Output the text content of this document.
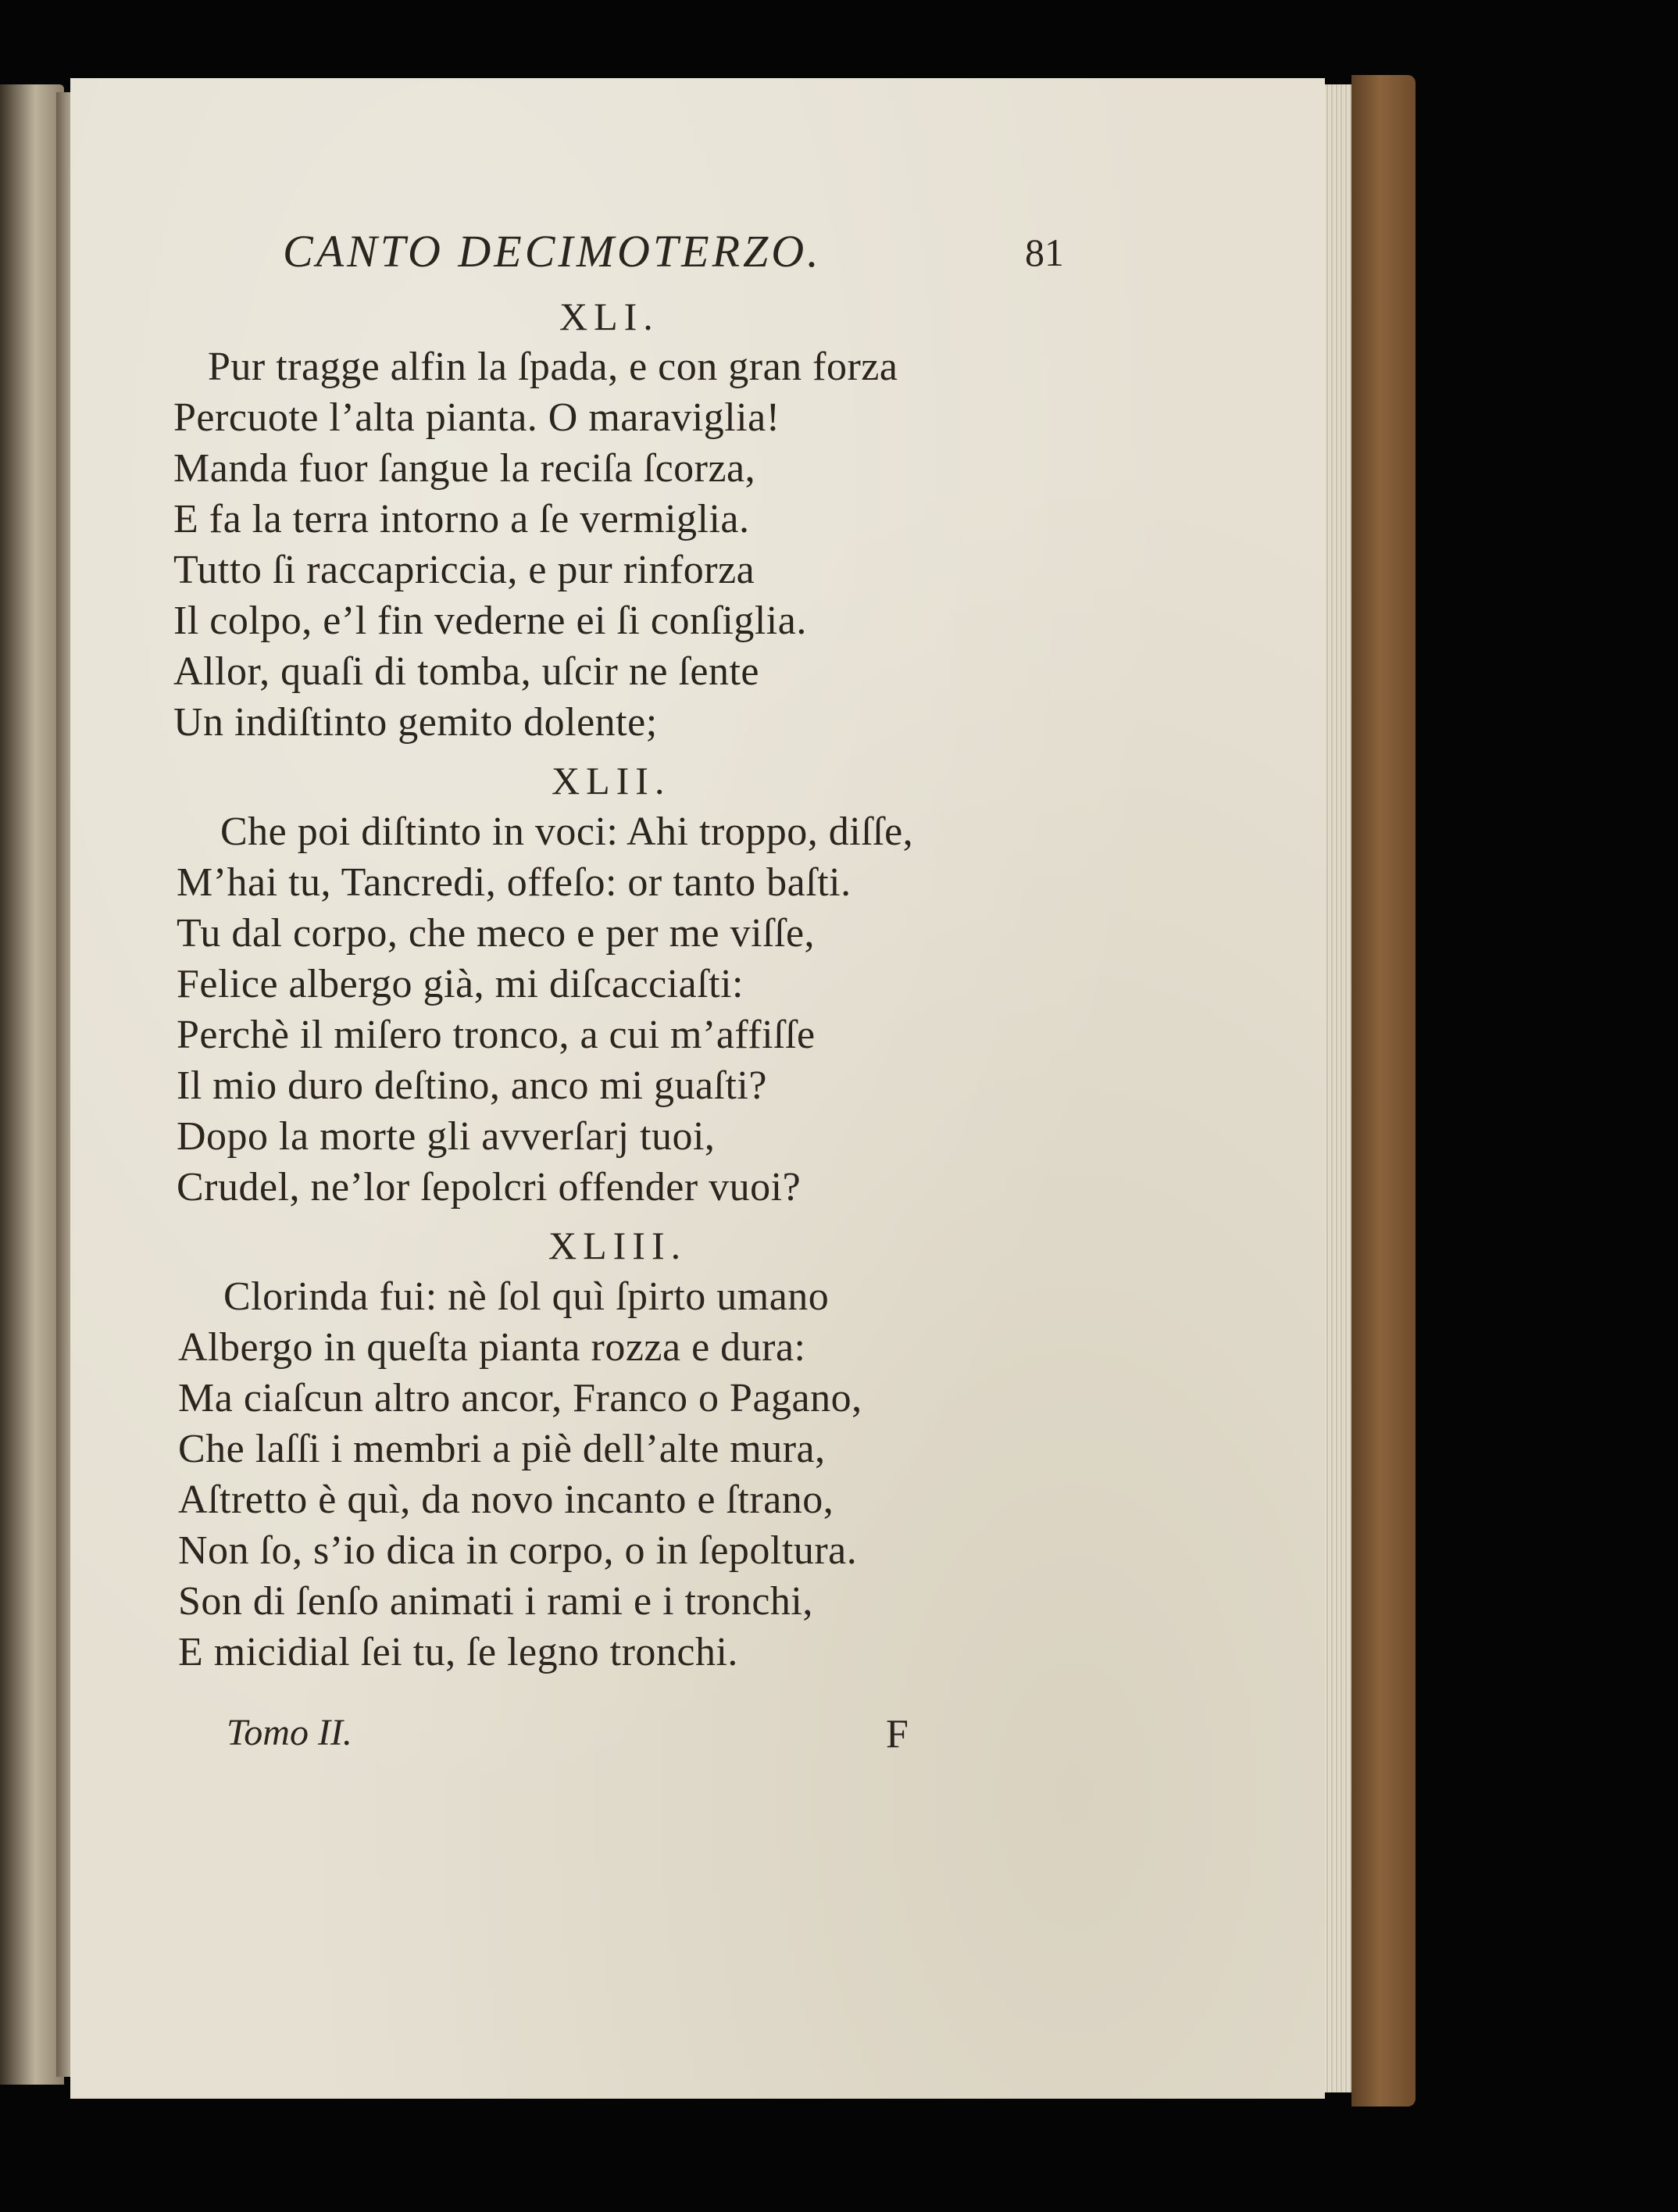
CANTO DECIMOTERZO.	81
XLI.
Pur tragge alfin la ſpada, e con gran forza
Percuote l’alta pianta. O maraviglia!
Manda fuor ſangue la reciſa ſcorza,
E fa la terra intorno a ſe vermiglia.
Tutto ſi raccapriccia, e pur rinforza
Il colpo, e’l fin vederne ei ſi conſiglia.
Allor, quaſi di tomba, uſcir ne ſente
Un indiſtinto gemito dolente;
XLII.
Che poi diſtinto in voci: Ahi troppo, diſſe,
M’hai tu, Tancredi, offeſo: or tanto baſti.
Tu dal corpo, che meco e per me viſſe,
Felice albergo già, mi diſcacciaſti:
Perchè il miſero tronco, a cui m’affiſſe
Il mio duro deſtino, anco mi guaſti?
Dopo la morte gli avverſarj tuoi,
Crudel, ne’lor ſepolcri offender vuoi?
XLIII.
Clorinda fui: nè ſol quì ſpirto umano
Albergo in queſta pianta rozza e dura:
Ma ciaſcun altro ancor, Franco o Pagano,
Che laſſi i membri a piè dell’alte mura,
Aſtretto è quì, da novo incanto e ſtrano,
Non ſo, s’io dica in corpo, o in ſepoltura.
Son di ſenſo animati i rami e i tronchi,
E micidial ſei tu, ſe legno tronchi.
Tomo II.	F
